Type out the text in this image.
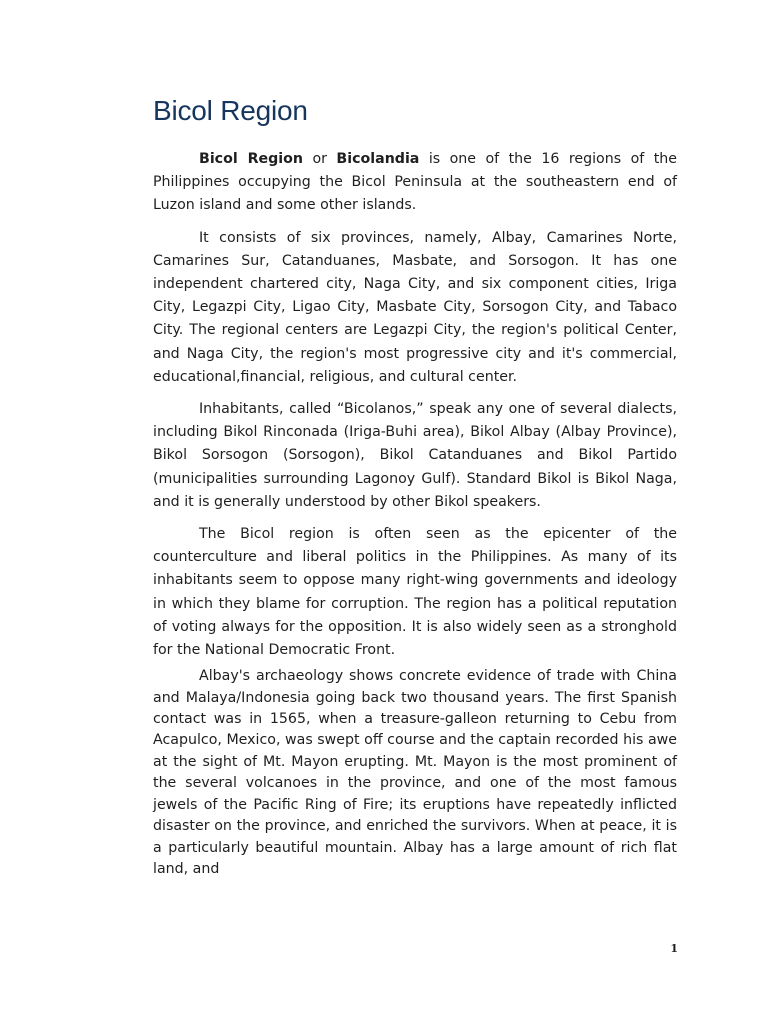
Bicol Region

Bicol Region or Bicolandia is one of the 16 regions of the Philippines occupying the Bicol Peninsula at the southeastern end of Luzon island and some other islands.

It consists of six provinces, namely, Albay, Camarines Norte, Camarines Sur, Catanduanes, Masbate, and Sorsogon. It has one independent chartered city, Naga City, and six component cities, Iriga City, Legazpi City, Ligao City, Masbate City, Sorsogon City, and Tabaco City. The regional centers are Legazpi City, the region's political Center, and Naga City, the region's most progressive city and it's commercial, educational,financial, religious, and cultural center.

Inhabitants, called “Bicolanos,” speak any one of several dialects, including Bikol Rinconada (Iriga-Buhi area), Bikol Albay (Albay Province), Bikol Sorsogon (Sorsogon), Bikol Catanduanes and Bikol Partido (municipalities surrounding Lagonoy Gulf). Standard Bikol is Bikol Naga, and it is generally understood by other Bikol speakers.

The Bicol region is often seen as the epicenter of the counterculture and liberal politics in the Philippines. As many of its inhabitants seem to oppose many right-wing governments and ideology in which they blame for corruption. The region has a political reputation of voting always for the opposition. It is also widely seen as a stronghold for the National Democratic Front.

Albay's archaeology shows concrete evidence of trade with China and Malaya/Indonesia going back two thousand years. The first Spanish contact was in 1565, when a treasure-galleon returning to Cebu from Acapulco, Mexico, was swept off course and the captain recorded his awe at the sight of Mt. Mayon erupting. Mt. Mayon is the most prominent of the several volcanoes in the province, and one of the most famous jewels of the Pacific Ring of Fire; its eruptions have repeatedly inflicted disaster on the province, and enriched the survivors. When at peace, it is a particularly beautiful mountain. Albay has a large amount of rich flat land, and

1
